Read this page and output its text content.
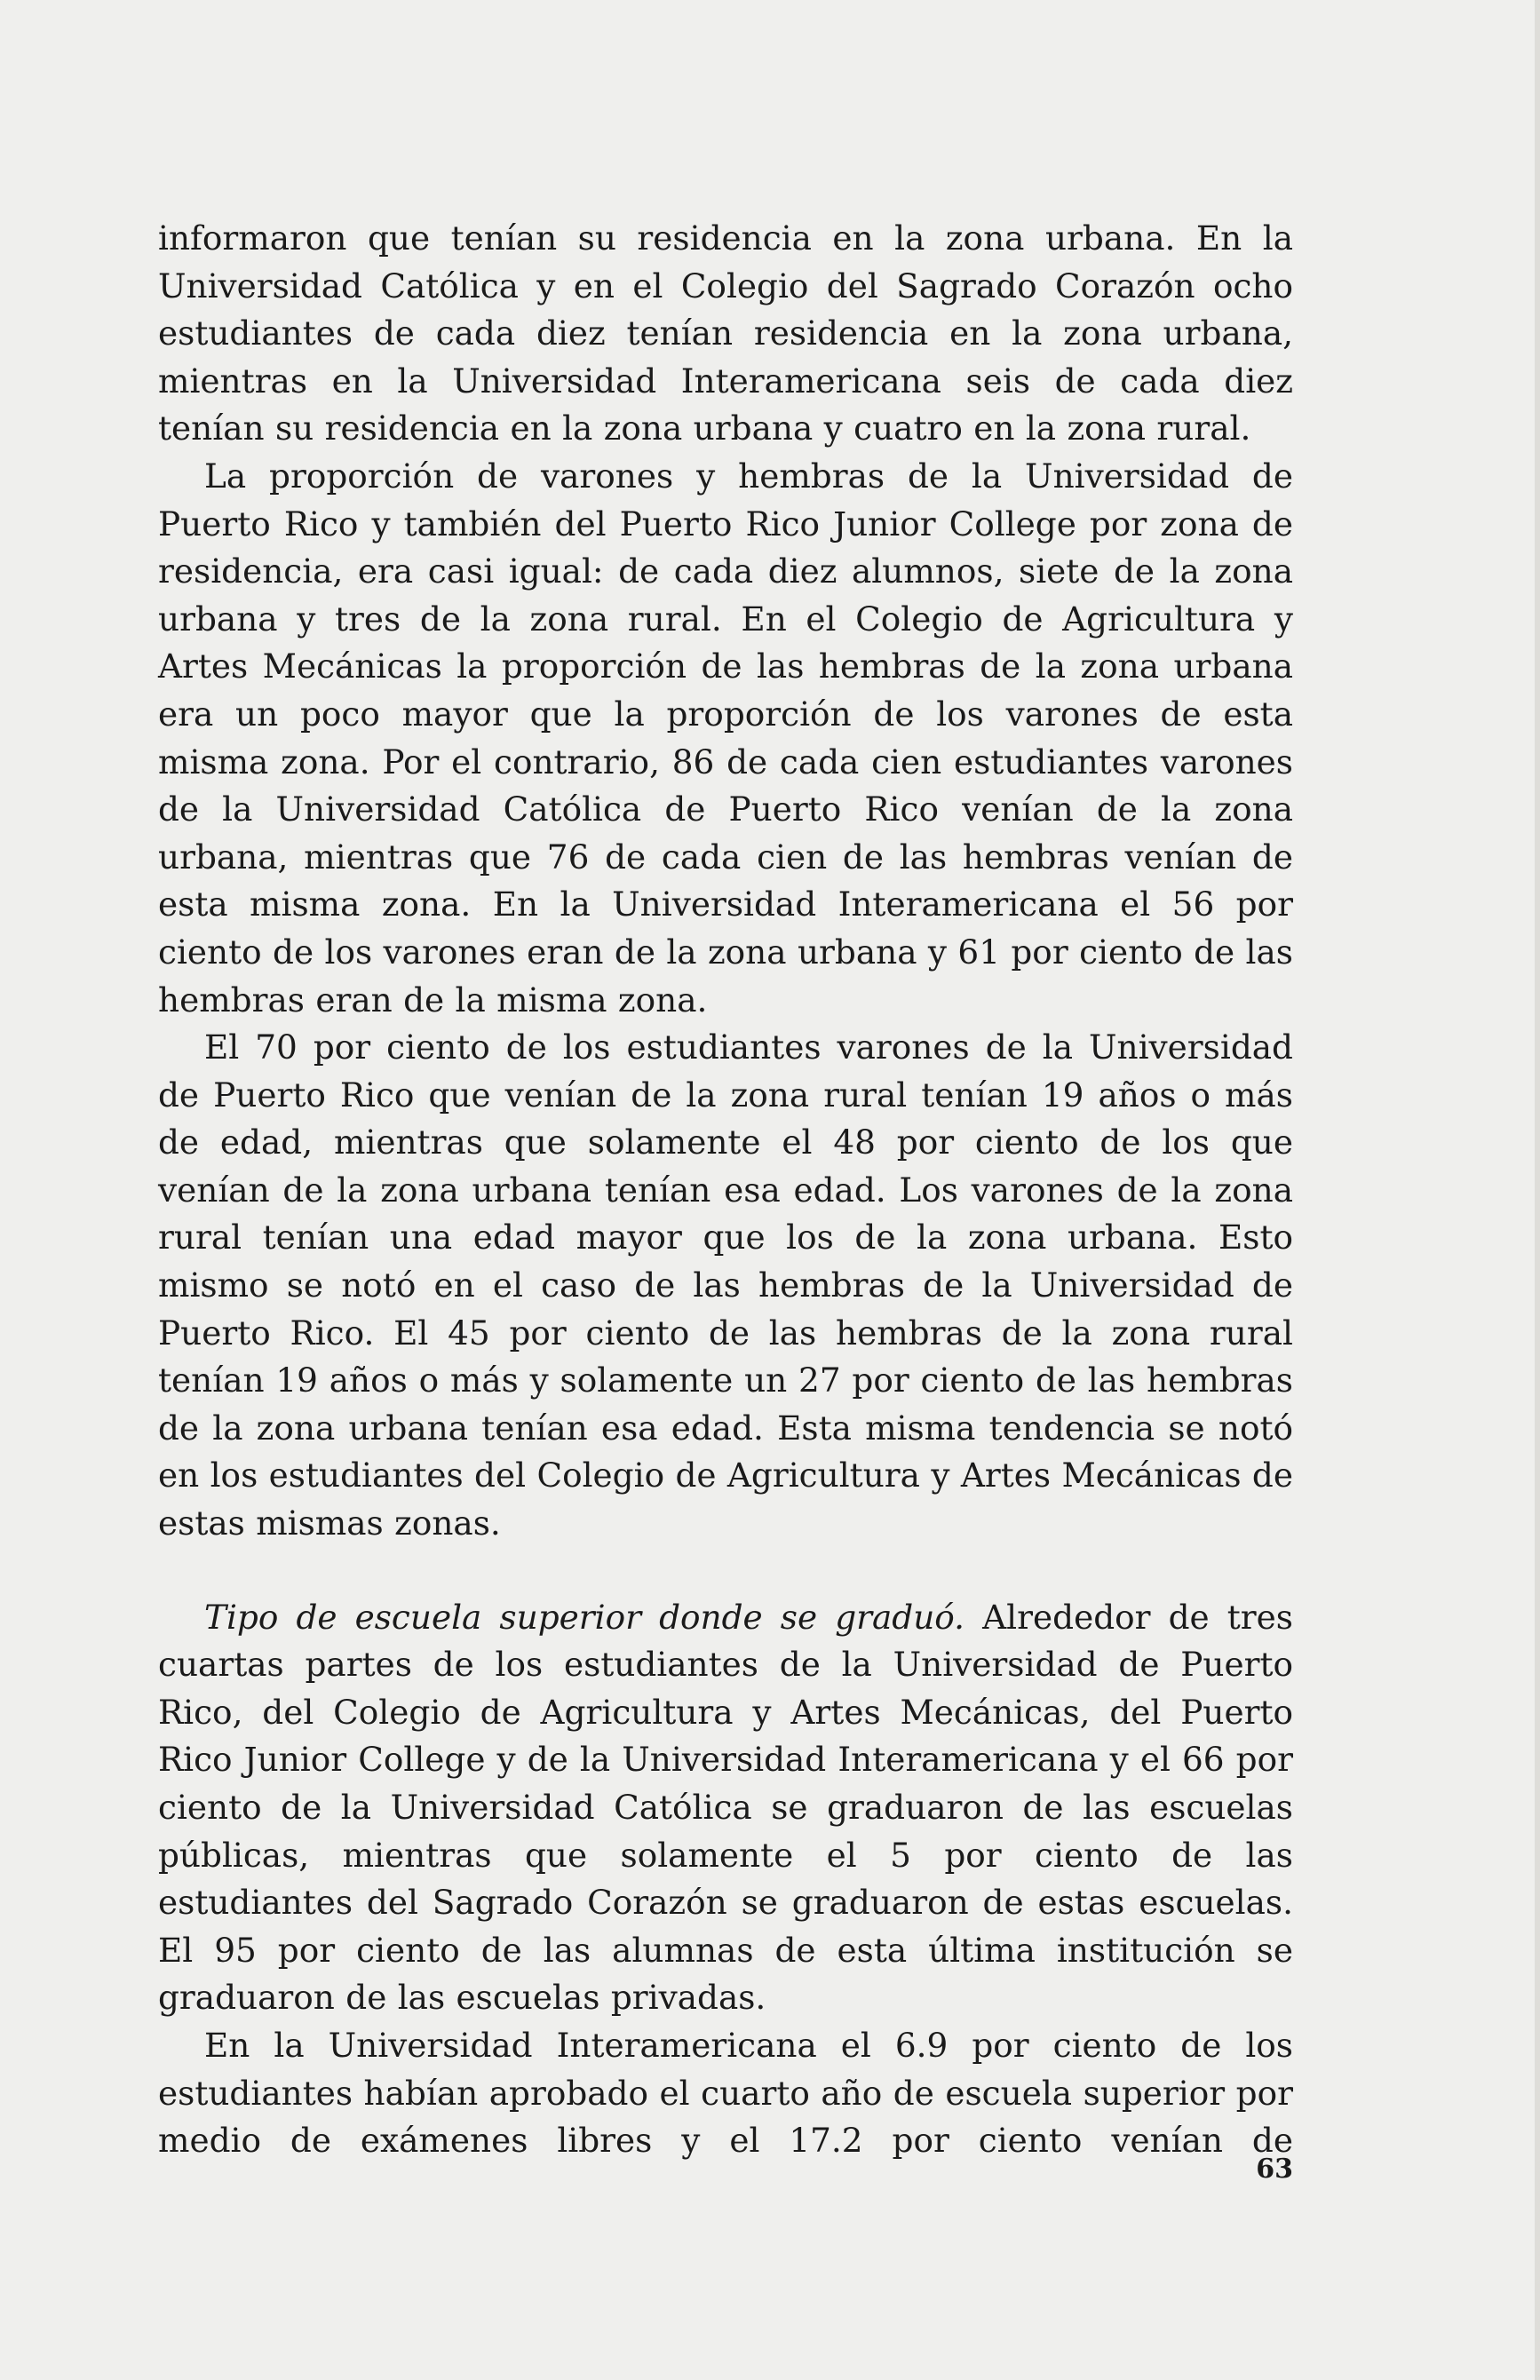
informaron que tenían su residencia en la zona urbana. En la Universidad Católica y en el Colegio del Sagrado Corazón ocho estudiantes de cada diez tenían residencia en la zona urbana, mientras en la Universidad Interamericana seis de cada diez tenían su residencia en la zona urbana y cuatro en la zona rural.

La proporción de varones y hembras de la Universidad de Puerto Rico y también del Puerto Rico Junior College por zona de residencia, era casi igual: de cada diez alumnos, siete de la zona urbana y tres de la zona rural. En el Colegio de Agricultura y Artes Mecánicas la proporción de las hembras de la zona urbana era un poco mayor que la proporción de los varones de esta misma zona. Por el contrario, 86 de cada cien estudiantes varones de la Universidad Católica de Puerto Rico venían de la zona urbana, mientras que 76 de cada cien de las hembras venían de esta misma zona. En la Universidad Interamericana el 56 por ciento de los varones eran de la zona urbana y 61 por ciento de las hembras eran de la misma zona.

El 70 por ciento de los estudiantes varones de la Universidad de Puerto Rico que venían de la zona rural tenían 19 años o más de edad, mientras que solamente el 48 por ciento de los que venían de la zona urbana tenían esa edad. Los varones de la zona rural tenían una edad mayor que los de la zona urbana. Esto mismo se notó en el caso de las hembras de la Universidad de Puerto Rico. El 45 por ciento de las hembras de la zona rural tenían 19 años o más y solamente un 27 por ciento de las hembras de la zona urbana tenían esa edad. Esta misma tendencia se notó en los estudiantes del Colegio de Agricultura y Artes Mecánicas de estas mismas zonas.

Tipo de escuela superior donde se graduó. Alrededor de tres cuartas partes de los estudiantes de la Universidad de Puerto Rico, del Colegio de Agricultura y Artes Mecánicas, del Puerto Rico Junior College y de la Universidad Interamericana y el 66 por ciento de la Universidad Católica se graduaron de las escuelas públicas, mientras que solamente el 5 por ciento de las estudiantes del Sagrado Corazón se graduaron de estas escuelas. El 95 por ciento de las alumnas de esta última institución se graduaron de las escuelas privadas.

En la Universidad Interamericana el 6.9 por ciento de los estudiantes habían aprobado el cuarto año de escuela superior por medio de exámenes libres y el 17.2 por ciento venían de

63
